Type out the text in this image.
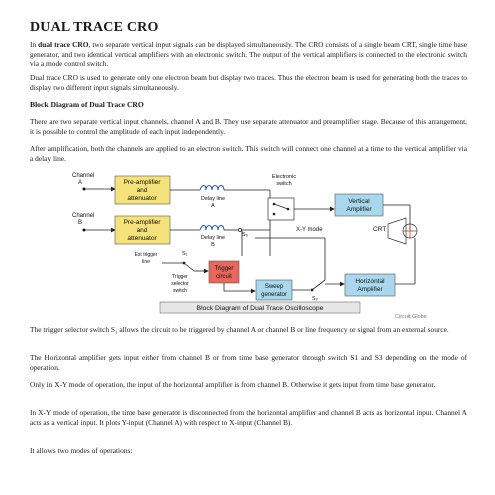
DUAL TRACE CRO

In dual trace CRO, two separate vertical input signals can be displayed simultaneously. The CRO consists of a single beam CRT, single time base generator, and two identical vertical amplifiers with an electronic switch. The output of the vertical amplifiers is connected to the electronic switch via a mode control switch.

Dual trace CRO is used to generate only one electron beam but display two traces. Thus the electron beam is used for generating both the traces to display two different input signals simultaneously.

Block Diagram of Dual Trace CRO

There are two separate vertical input channels, channel A and B. They use separate attenuator and preamplifier stage. Because of this arrangement, it is possible to control the amplitude of each input independently.

After amplification, both the channels are applied to an electron switch. This switch will connect one channel at a time to the vertical amplifier via a delay line.

Channel A
Channel B
Pre-amplifier and attenuator
Pre-amplifier and attenuator
Delay line A
Delay line B
S₀
Electronic switch
Vertical Amplifier
X-Y mode	CRT
Ext trigger line
S₁
Trigger selector switch
Trigger circuit
Sweep generator
S₂
Horizontal Amplifier
Block Diagram of Dual Trace Oscilloscope
Circuit Globe

The trigger selector switch S₁ allows the circuit to be triggered by channel A or channel B or line frequency or signal from an external source.

The Horizontal amplifier gets input either from channel B or from time base generator through switch S1 and S3 depending on the mode of operation.

Only in X-Y mode of operation, the input of the horizontal amplifier is from channel B. Otherwise it gets input from time base generator.

In X-Y mode of operation, the time base generator is disconnected from the horizontal amplifier and channel B acts as horizontal input. Channel A acts as a vertical input. It plots Y-input (Channel A) with respect to X-input (Channel B).

It allows two modes of operations:
